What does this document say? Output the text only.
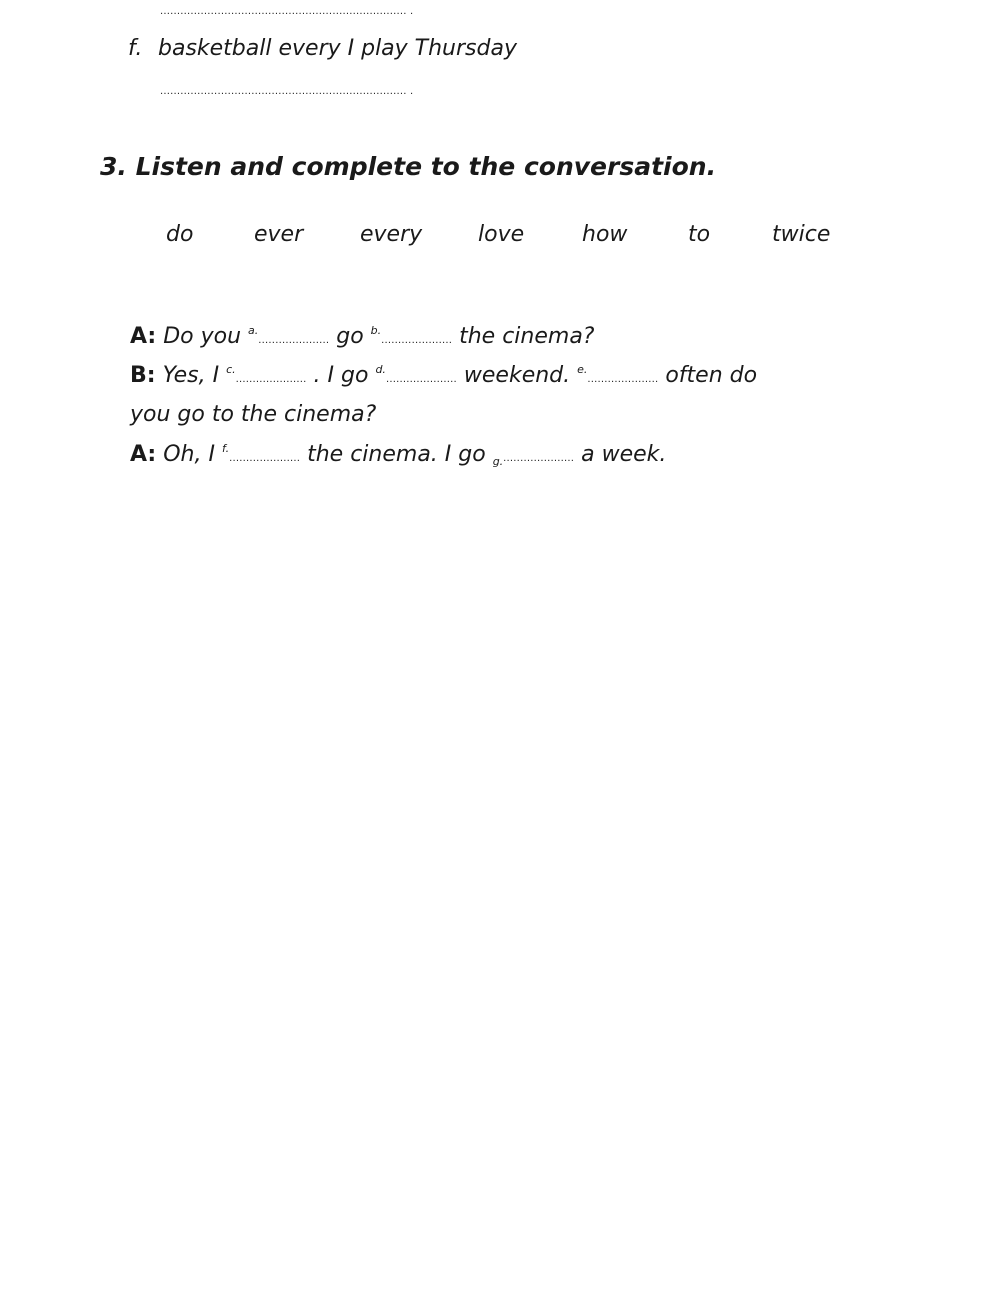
......................................................................... .
f. basketball every I play Thursday
......................................................................... .
3. Listen and complete to the conversation.
do	ever	every	love	how	to	twice
A: Do you $^{a.}$..................... go $^{b.}$..................... the cinema?
B: Yes, I $^{c.}$..................... . I go $^{d.}$..................... weekend. $^{e.}$..................... often do
you go to the cinema?
A: Oh, I $^{f.}$..................... the cinema. I go $_{g.}$..................... a week.
